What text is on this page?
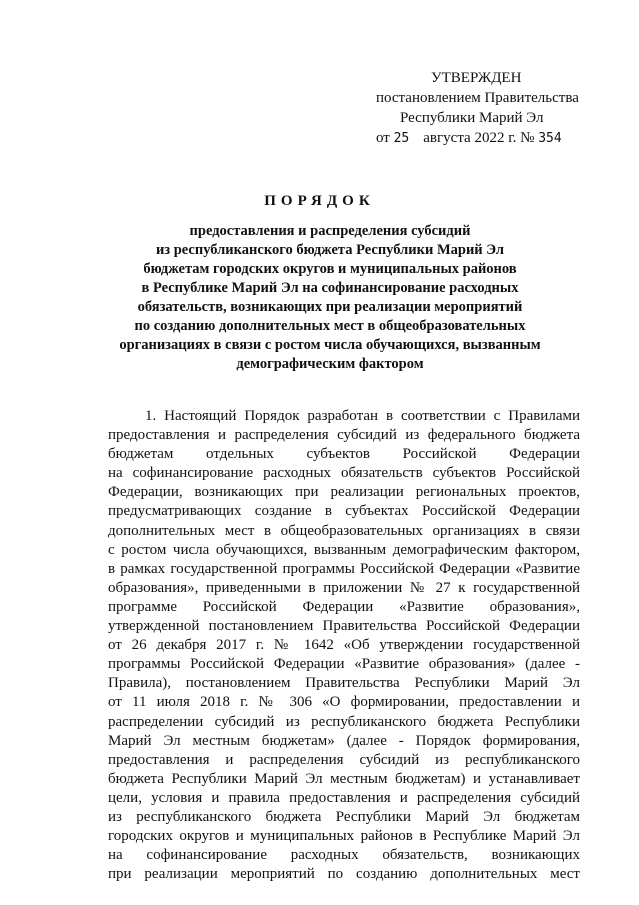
УТВЕРЖДЕН
постановлением Правительства
Республики Марий Эл
от 25 августа 2022 г. № 354
ПОРЯДОК
предоставления и распределения субсидий
из республиканского бюджета Республики Марий Эл
бюджетам городских округов и муниципальных районов
в Республике Марий Эл на софинансирование расходных
обязательств, возникающих при реализации мероприятий
по созданию дополнительных мест в общеобразовательных
организациях в связи с ростом числа обучающихся, вызванным
демографическим фактором
1. Настоящий Порядок разработан в соответствии с Правилами
предоставления и распределения субсидий из федерального бюджета
бюджетам отдельных субъектов Российской Федерации
на софинансирование расходных обязательств субъектов Российской
Федерации, возникающих при реализации региональных проектов,
предусматривающих создание в субъектах Российской Федерации
дополнительных мест в общеобразовательных организациях в связи
с ростом числа обучающихся, вызванным демографическим фактором,
в рамках государственной программы Российской Федерации «Развитие
образования», приведенными в приложении № 27 к государственной
программе Российской Федерации «Развитие образования»,
утвержденной постановлением Правительства Российской Федерации
от 26 декабря 2017 г. № 1642 «Об утверждении государственной
программы Российской Федерации «Развитие образования» (далее -
Правила), постановлением Правительства Республики Марий Эл
от 11 июля 2018 г. № 306 «О формировании, предоставлении и
распределении субсидий из республиканского бюджета Республики
Марий Эл местным бюджетам» (далее - Порядок формирования,
предоставления и распределения субсидий из республиканского
бюджета Республики Марий Эл местным бюджетам) и устанавливает
цели, условия и правила предоставления и распределения субсидий
из республиканского бюджета Республики Марий Эл бюджетам
городских округов и муниципальных районов в Республике Марий Эл
на софинансирование расходных обязательств, возникающих
при реализации мероприятий по созданию дополнительных мест
